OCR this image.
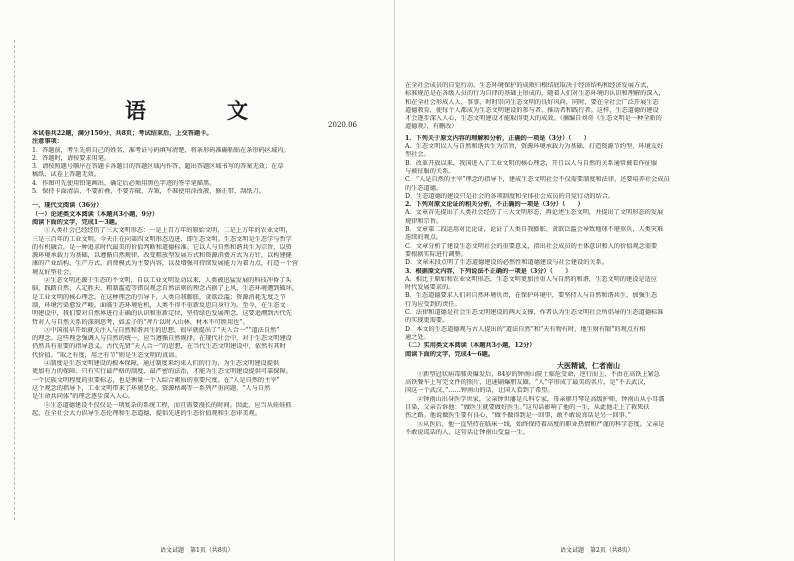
语　文
2020.06

本试卷共22题，满分150分，共8页；考试结束后，上交答题卡。

注意事项：

1．答题前，考生先将自己的姓名、准考证号码填写清楚，将条形码准确粘贴在条形码区域内。

2．答题时，请按要求用笔。

3．请按照题号顺序在答题卡各题目的答题区域内作答，超出答题区域书写的答案无效；在草

稿纸、试卷上答题无效。

4．作图可先使用铅笔画出，确定后必须用黑色字迹的签字笔描黑。

5．保持卡面清洁，不要折叠，不要弄破、弄皱，不准使用涂改液、修正带、刮纸刀。

一、现代文阅读（36分）

（一）论述类文本阅读（本题共3小题，9分）

阅读下面的文字，完成1～3题。

①人类社会已经经历了三大文明形态：一是上百万年的原始文明，二是上万年的农业文明，

三是三百年的工业文明。今天正在向第四文明形态迈进，即生态文明。生态文明是生态学与哲学

的有机融合，是一种追求时代最美的价值判断和道德标准。它以人与自然和谐共生为宗旨，以资

源环境承载力为基础，以遵循自然规律，改变粗放型发展方式和资源消费方式为方针，以构建健

康的产业结构，生产方式、消费模式为主要内容，以及增强可持续发展能力为着力点，打造一个营

境友好型社会。

②生态文明还源于生态的不文明，自以工业文明发动以来，人类被迅猛发展的科技冲昏了头

脑，践踏自然，人定胜天、粗制滥造等错误观念自然法则的理念占据了上风，生态环境遭到破坏，

是工业文明的核心理念。在这种理念的引导下，人类自我膨胀，贪欲泛滥；资源消耗无度乏节

制，环境污染愈发严峻。面临生态环境危机，人类不得不重新反思自身行为。至今，在生态文

明建设中，我们要对自然界进行正确的认识和重新定位，坚持绿色发展理念。这要追溯到古代先

哲对人与自然关系的深刻思考，如孟子的“斧斤以时入山林，材木不可胜用也”。

③中国很早开始就关注人与自然和谐共生的思想，很早就提出了“天人合一”“道法自然”

的理念。这些理念强调人与自然的统一，应当遵循自然规律。在现代社会中，对于生态文明建设

仍然具有重要的指导意义。古代先贤“天人合一”的思想，在当代生态文明建设中，依然有其时

代价值。“取之有度，用之有节”则是生态文明的真谛。

④制度是生态文明建设的根本保障，通过制度来约束人们的行为，为生态文明建设提供

更加有力的保障。只有实行最严格的制度、最严密的法治，才能为生态文明建设提供可靠保障。

一个民族文明程度的重要标志，也是衡量一个人综合素质的重要尺度。在“人是自然的主宰”

这个观念的指导下，工业文明带来了环境恶化、资源枯竭等一系列严重问题，“人与自然

是生命共同体”的理念逐步深入人心。

⑤生态道德建设不仅仅是一项复杂的系统工程，而且需要漫长的时间。因此，应当从娃娃抓

起，在全社会大力倡导生态伦理和生态道德，提倡先进的生态价值观和生态审美观。

语文试题　第1页（共8页）

在全社会成员的自觉行动。生态环境保护的成败归根结底取决于经济结构和经济发展方式，

标准规范是在各级人员的行为自律的基础上形成的，随着人们对生态环境的认识和理解的深入，

和在全社会形成人人、事事、时时崇尚生态文明的良好风尚，同时，要在全社会广泛开展生态

道德教育，使每个人都成为生态文明建设的参与者、推动者和践行者。这样，生态道德的建设

才会逐步深入人心，生态文明建设才能取得更大的成效。（摘编自刘奇《生态文明是一种全新的

道德观》，有删改）

1．下列关于原文内容的理解和分析，正确的一项是（3分）（　　）

A．生态文明以人与自然和谐共生为宗旨，资源环境承载力为基础，打造资源节约型、环境友好

型社会。

B．改革开放以来，我国进入了工业文明的核心理念，开且以人与自然的关系通常被看作征服

与被征服的关系。

C．“人是自然的主宰”理念的指导下，建成生态文明社会不仅需要制度和法律，还要培养社会成员

的生态道德。

D．生态道德的建设只是社会的各项制度和全体社会成员的自觉行动的结合。

2．下列对原文论证的相关分析，不正确的一项是（3分）（　　）

A．文章首先提出了人类社会经历了三大文明形态，再论述生态文明，并提出了文明形态的发展

规律和宗旨。

B．文章第二段运用对比论证，论证了人类自我膨胀、贪欲泛滥会导致地球不堪重负，人类灾难

连续的观点。

C．文章分析了建设生态文明社会的重要意义，指出社会成员的主体意识和人的价值观念需要

要根据实际进行调整。

D．文章末段点明了生态道德建设的必然性和道德建设与社会建设的关系。

3．根据原文内容，下列说法不正确的一项是（3分）（　　）

A．相比于原始和农业文明形态，生态文明更加注重人与自然的和谐，生态文明的建设是适应

时代发展要求的。

B．生态道德要求人们对自然环境负责，在保护环境中，要坚持人与自然和谐共生，加强生态

行为应受到的责任。

C．法律和道德是社会生态文明建设的两大支撑，作者认为生态文明社会所倡导的生态道德标准

的实现更需要。

D．本文的生态道德观与古人提出的“道法自然”和“天有物有时，地生财有限”的观点有相

通之处。

（二）实用类文本阅读（本题共3小题，12分）

阅读下面的文字，完成4～6题。

大医精诚，仁者南山

①新型冠状病毒肺炎爆发后，84岁的钟南山院士临危受命，逆行而上，不由在高铁上紧急

高铁餐车上写完文件的照片，迅速刷爆朋友圈，“人”字形成了最美的名片，是“不去武汉，

国这一个武汉，”……钟南山的话，让国人看到了希望。

②钟南山出身医学世家，父亲钟世藩是儿科专家，母亲廖月琴是高级护师，钟南山从小耳濡

目染，父亲告诉他：“做医生就要做好医生。”这句话影响了他的一生，从此他走上了救死扶

伤之路。他说做医生要有良心，“做不做得到是一回事，敢不敢说真话是另一回事。”

③从医后，他一直坚持在临床一线，始终保持着高度的职业热情和严谨的科学态度。父亲是

不敢说谎话的人，这句话让钟南山受益一生。

语文试题　第2页（共8页）
